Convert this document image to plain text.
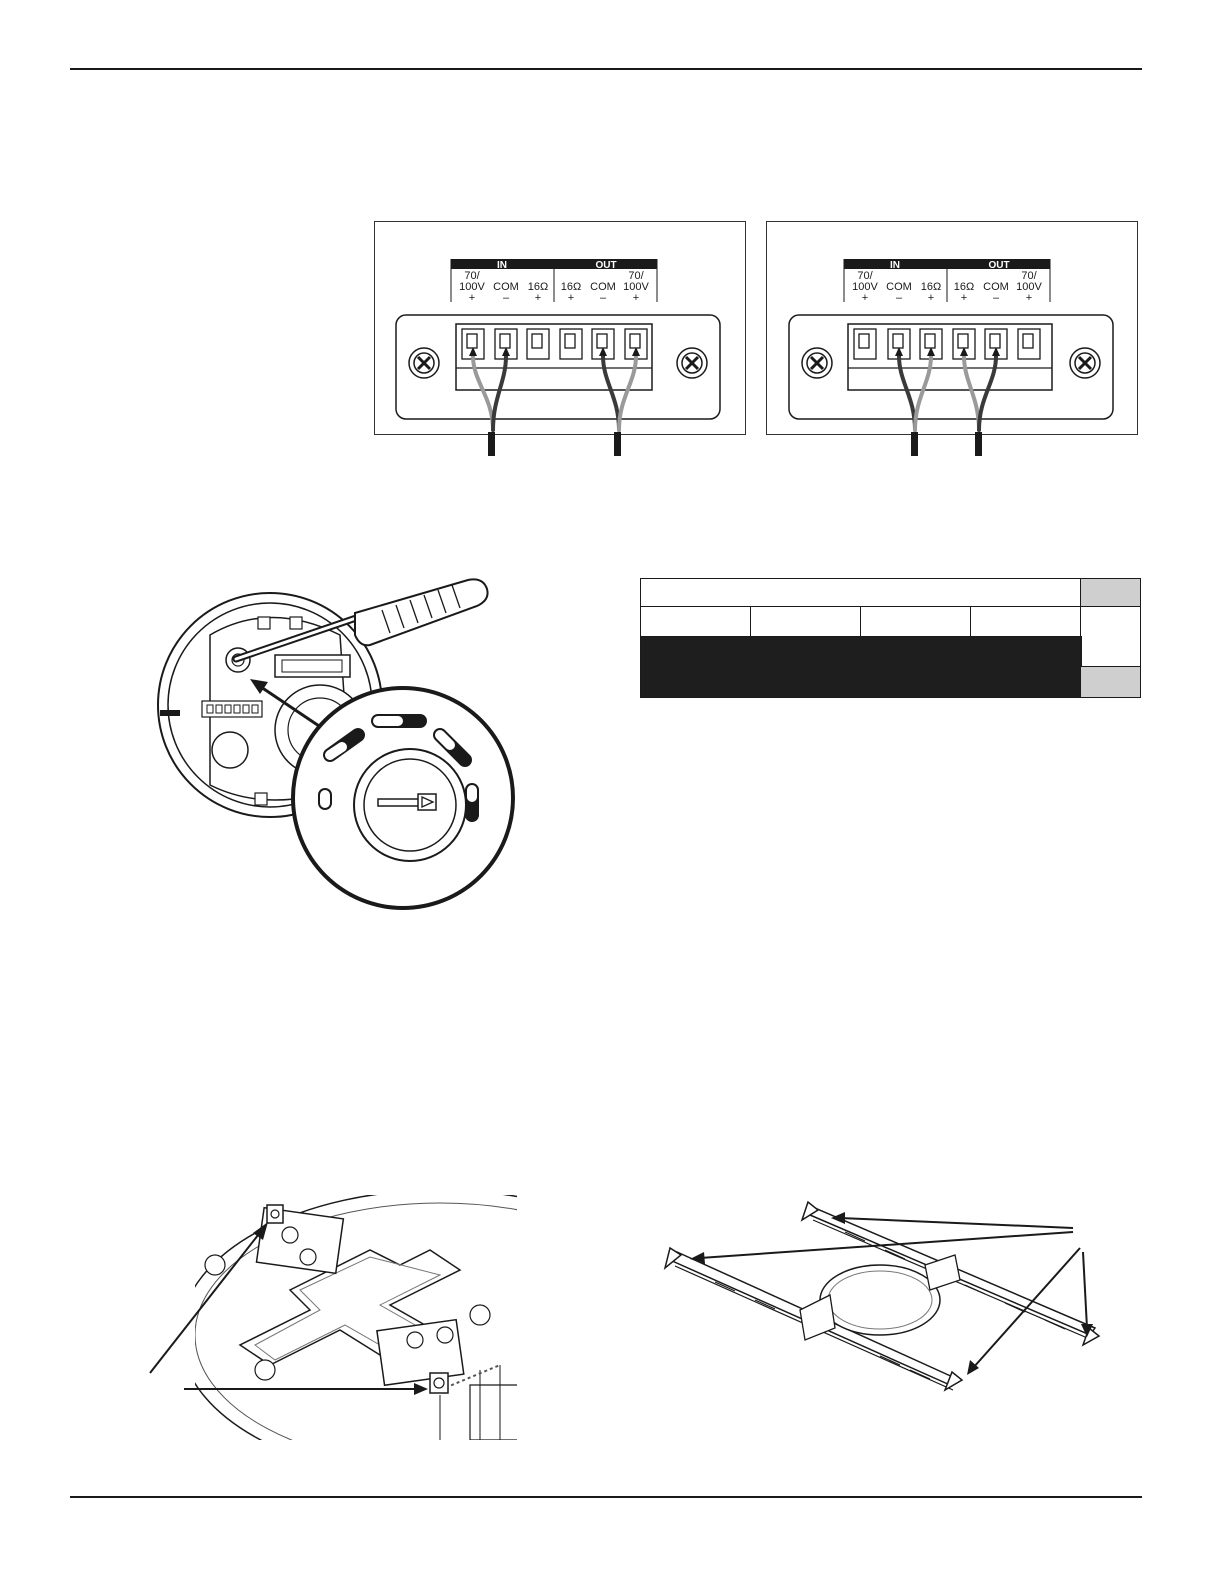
IN	OUT
70/
100V
+
COM
–
16Ω
+
16Ω
+
COM
–
70/
100V
+
IN	OUT
70/
100V
+
COM
–
16Ω
+
16Ω
+
COM
–
70/
100V
+
